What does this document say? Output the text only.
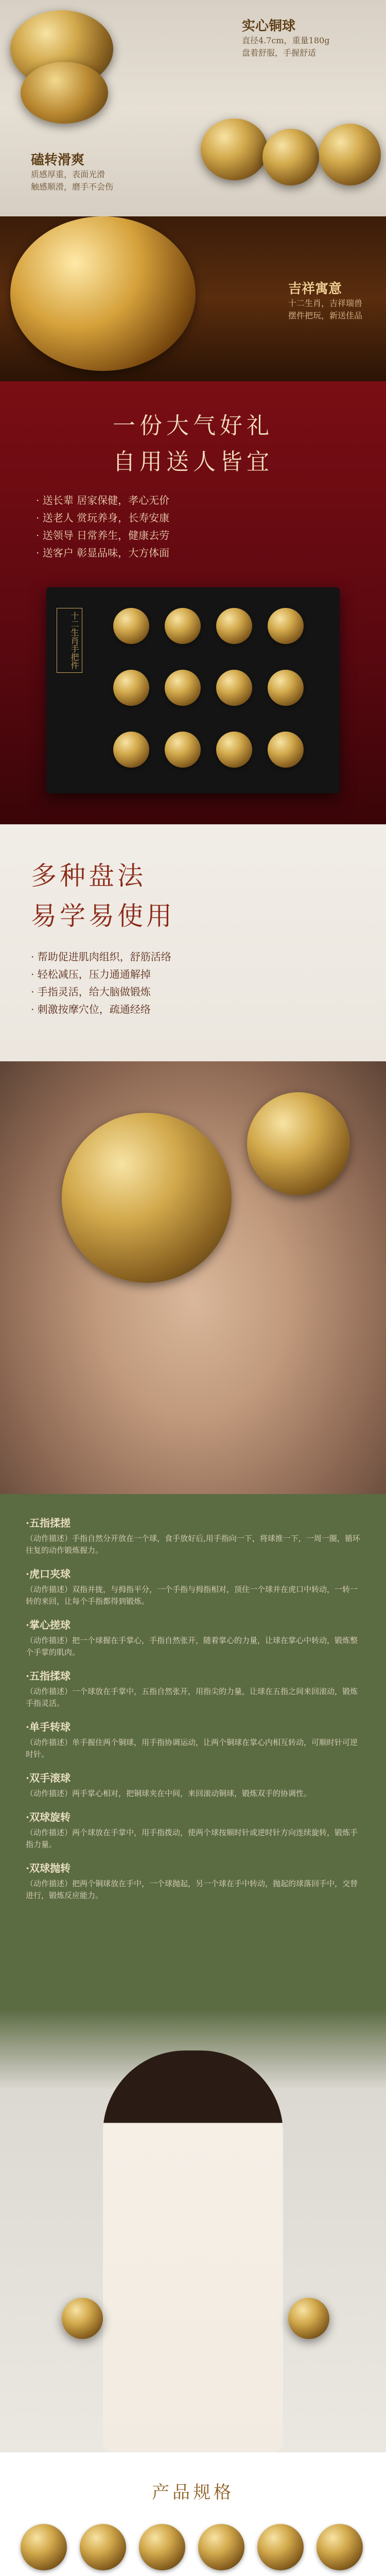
实心铜球
直径4.7cm，重量180g
盘着舒服，手握舒适
磕转滑爽
质感厚重，表面光滑
触感顺滑，磨手不会伤
吉祥寓意
十二生肖，吉祥瑞兽
摆件把玩，新送佳品
一份大气好礼
自用送人皆宜
· 送长辈 居家保健，孝心无价
· 送老人 赏玩养身，长寿安康
· 送领导 日常养生，健康去劳
· 送客户 彰显品味，大方体面
十二生肖手把件
多种盘法
易学易使用
· 帮助促进肌肉组织，舒筋活络
· 轻松减压，压力通通解掉
· 手指灵活，给大脑做锻炼
· 刺激按摩穴位，疏通经络
·五指揉搓
（动作描述）手指自然分开放在一个球，食手放好后,用手指向一下，将球推一下，一周一圈，循环往复的动作锻炼握力。
·虎口夹球
（动作描述）双指并拢，与拇指平分，一个手指与拇指相对，顶住一个球并在虎口中转动，一转一转的来回，让每个手指都得到锻炼。
·掌心搓球
（动作描述）把一个球握在手掌心，手指自然张开，随着掌心的力量，让球在掌心中转动，锻炼整个手掌的肌肉。
·五指揉球
（动作描述）一个球放在手掌中，五指自然张开，用指尖的力量，让球在五指之间来回滚动，锻炼手指灵活。
·单手转球
（动作描述）单手握住两个铜球，用手指协调运动，让两个铜球在掌心内相互转动，可顺时针可逆时针。
·双手滚球
（动作描述）两手掌心相对，把铜球夹在中间，来回滚动铜球，锻炼双手的协调性。
·双球旋转
（动作描述）两个球放在手掌中，用手指拨动，使两个球按顺时针或逆时针方向连续旋转，锻炼手指力量。
·双球抛转
（动作描述）把两个铜球放在手中，一个球抛起，另一个球在手中转动，抛起的球落回手中，交替进行，锻炼反应能力。
产品规格
